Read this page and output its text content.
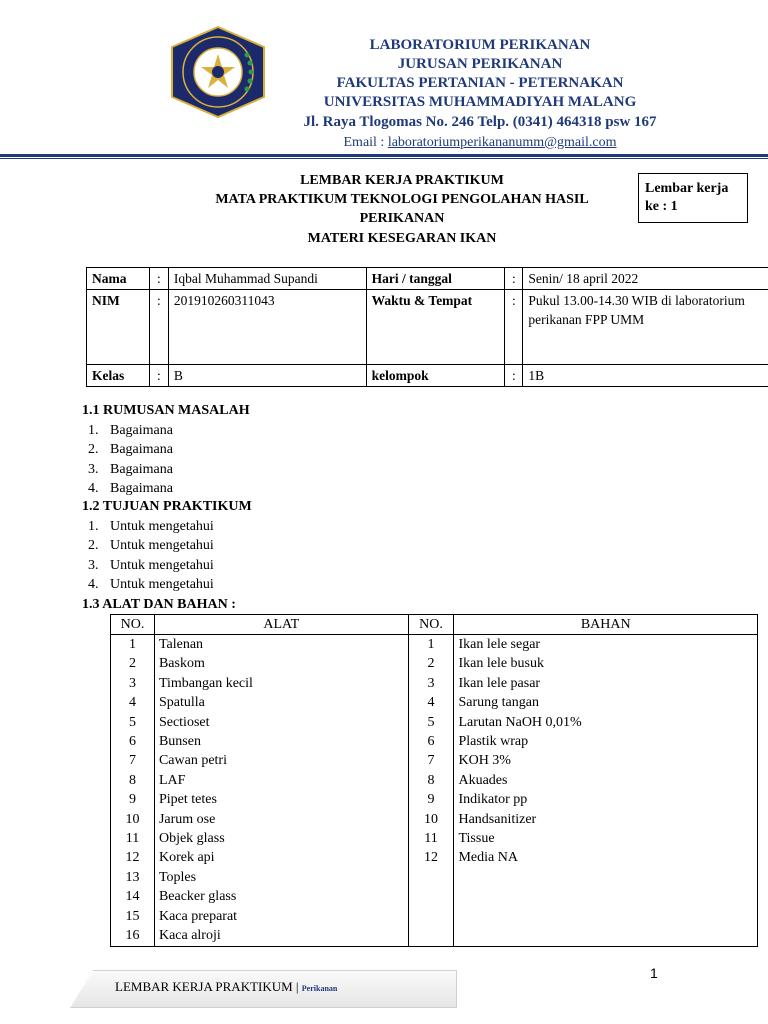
LABORATORIUM PERIKANAN
JURUSAN PERIKANAN
FAKULTAS PERTANIAN - PETERNAKAN
UNIVERSITAS MUHAMMADIYAH MALANG
Jl. Raya Tlogomas No. 246 Telp. (0341) 464318 psw 167
Email : laboratoriumperikananumm@gmail.com
LEMBAR KERJA PRAKTIKUM
MATA PRAKTIKUM TEKNOLOGI PENGOLAHAN HASIL
PERIKANAN
MATERI KESEGARAN IKAN
Lembar kerja
ke : 1
Nama	:	Iqbal Muhammad Supandi	Hari / tanggal	:	Senin/ 18 april 2022
NIM	:	201910260311043	Waktu & Tempat	:	Pukul 13.00-14.30 WIB di laboratorium perikanan FPP UMM
Kelas	:	B	kelompok	:	1B
1.1 RUMUSAN MASALAH
1. Bagaimana
2. Bagaimana
3. Bagaimana
4. Bagaimana
1.2 TUJUAN PRAKTIKUM
1. Untuk mengetahui
2. Untuk mengetahui
3. Untuk mengetahui
4. Untuk mengetahui
1.3 ALAT DAN BAHAN :
NO.	ALAT	NO.	BAHAN
1	Talenan	1	Ikan lele segar
2	Baskom	2	Ikan lele busuk
3	Timbangan kecil	3	Ikan lele pasar
4	Spatulla	4	Sarung tangan
5	Sectioset	5	Larutan NaOH 0,01%
6	Bunsen	6	Plastik wrap
7	Cawan petri	7	KOH 3%
8	LAF	8	Akuades
9	Pipet tetes	9	Indikator pp
10	Jarum ose	10	Handsanitizer
11	Objek glass	11	Tissue
12	Korek api	12	Media NA
13	Toples		
14	Beacker glass		
15	Kaca preparat		
16	Kaca alroji		
1
LEMBAR KERJA PRAKTIKUM | Perikanan
